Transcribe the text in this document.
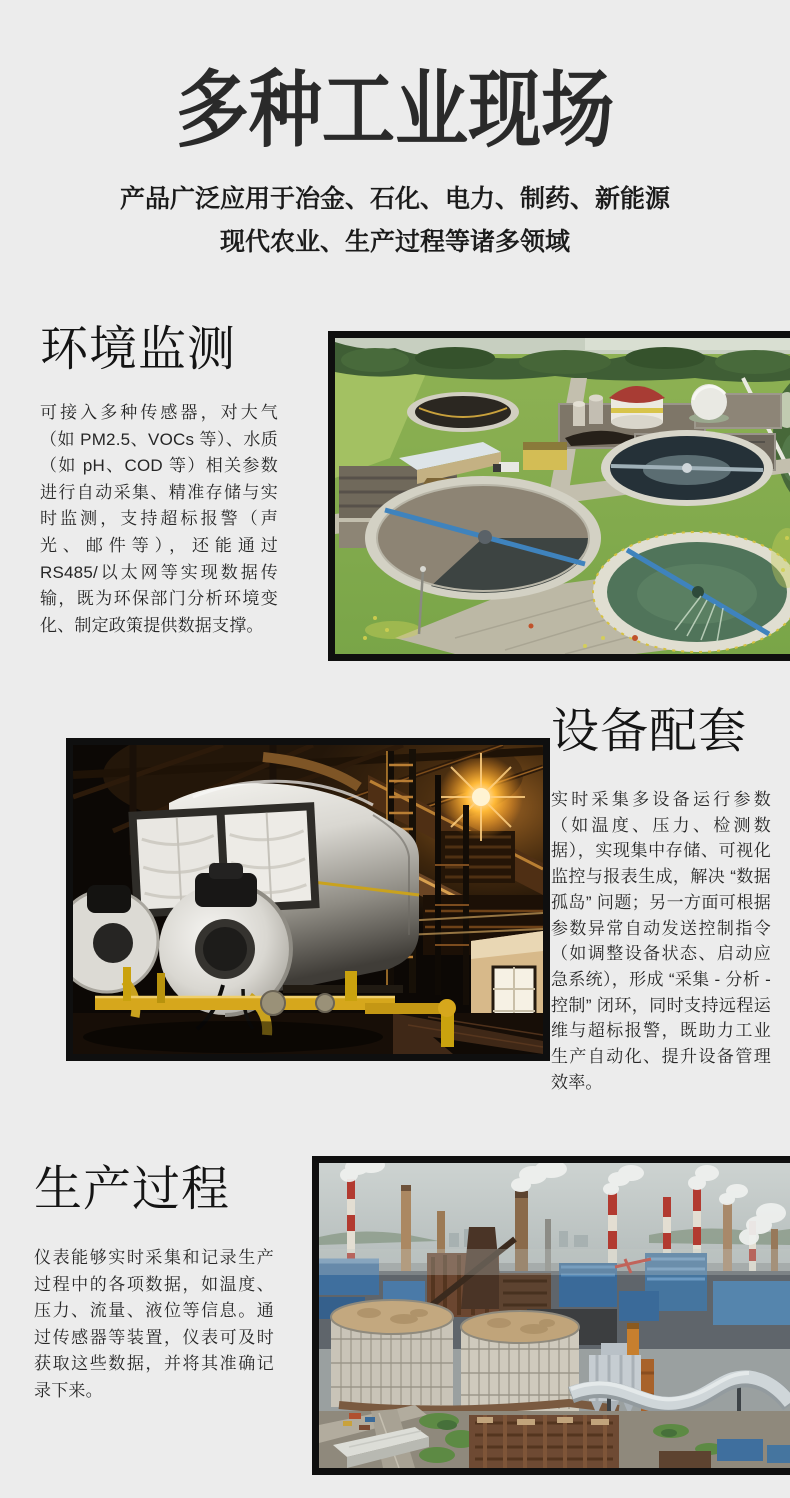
多种工业现场

产品广泛应用于冶金、石化、电力、制药、新能源

现代农业、生产过程等诸多领域

环境监测

可接入多种传感器，对大气（如 PM2.5、VOCs 等）、水质（如 pH、COD 等）相关参数进行自动采集、精准存储与实时监测，支持超标报警（声光、邮件等），还能通过RS485/以太网等实现数据传输，既为环保部门分析环境变化、制定政策提供数据支撑。

设备配套

实时采集多设备运行参数（如温度、压力、检测数据），实现集中存储、可视化监控与报表生成，解决 “数据孤岛” 问题；另一方面可根据参数异常自动发送控制指令（如调整设备状态、启动应急系统），形成 “采集 - 分析 - 控制” 闭环，同时支持远程运维与超标报警，既助力工业生产自动化、提升设备管理效率。

生产过程

仪表能够实时采集和记录生产过程中的各项数据，如温度、压力、流量、液位等信息。通过传感器等装置，仪表可及时获取这些数据，并将其准确记录下来。
